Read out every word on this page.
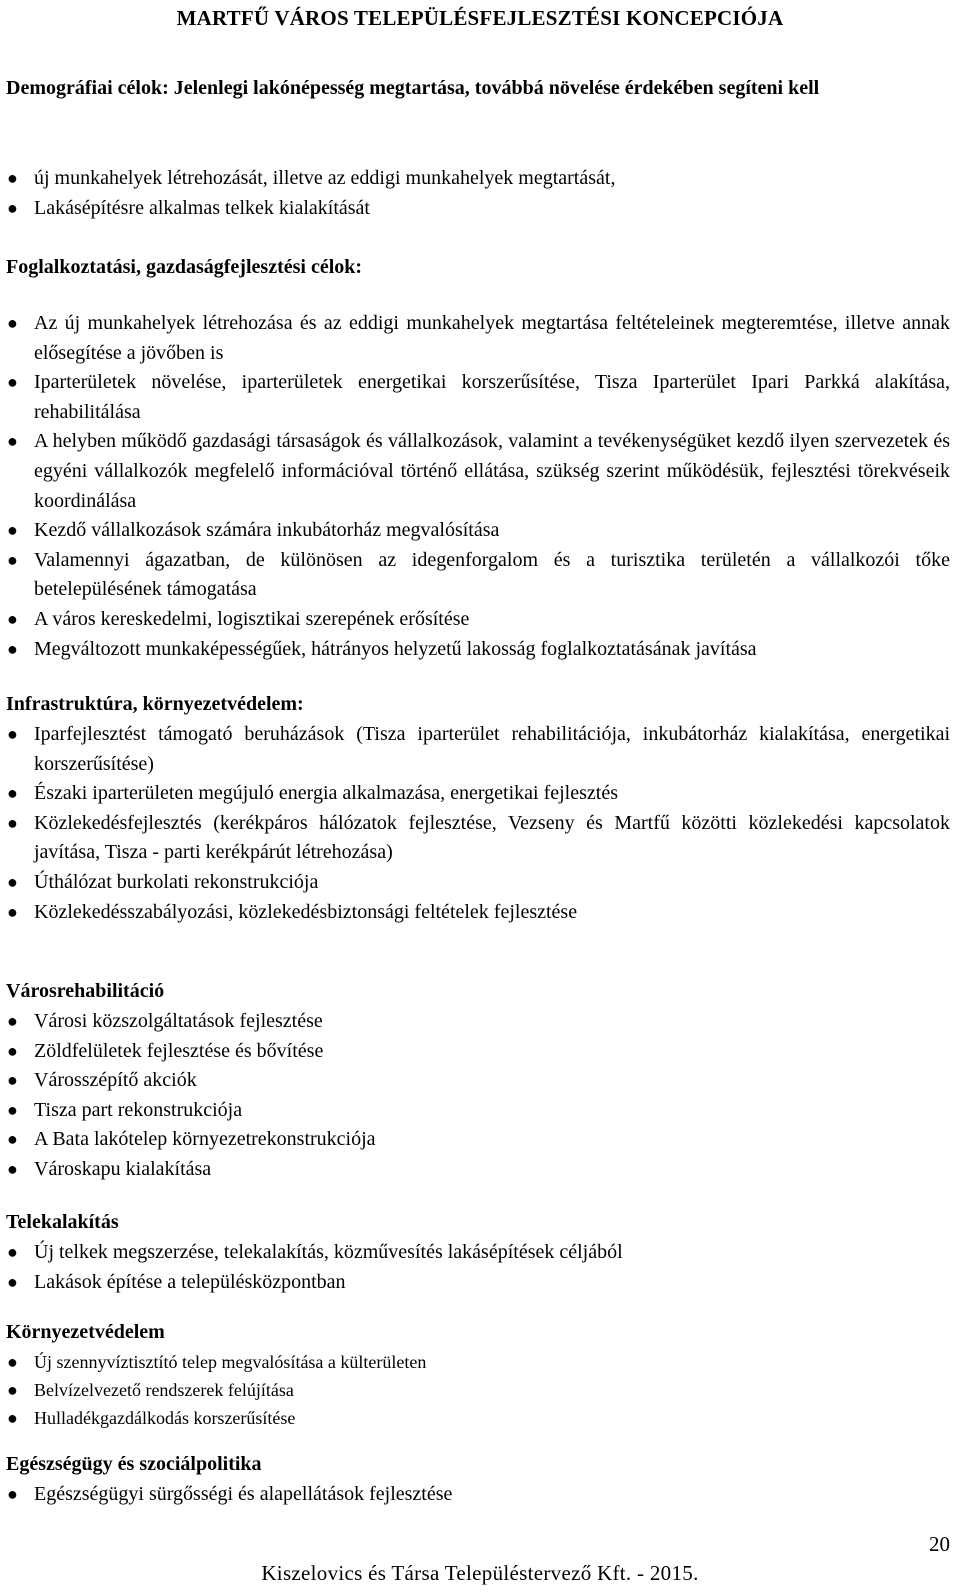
MARTFŰ VÁROS TELEPÜLÉSFEJLESZTÉSI KONCEPCIÓJA
Demográfiai célok: Jelenlegi lakónépesség megtartása, továbbá növelése érdekében segíteni kell
● új munkahelyek létrehozását, illetve az eddigi munkahelyek megtartását,
● Lakásépítésre alkalmas telkek kialakítását
Foglalkoztatási, gazdaságfejlesztési célok:
● Az új munkahelyek létrehozása és az eddigi munkahelyek megtartása feltételeinek megteremtése, illetve annak elősegítése a jövőben is
● Iparterületek növelése, iparterületek energetikai korszerűsítése, Tisza Iparterület Ipari Parkká alakítása, rehabilitálása
● A helyben működő gazdasági társaságok és vállalkozások, valamint a tevékenységüket kezdő ilyen szervezetek és egyéni vállalkozók megfelelő információval történő ellátása, szükség szerint működésük, fejlesztési törekvéseik koordinálása
● Kezdő vállalkozások számára inkubátorház megvalósítása
● Valamennyi ágazatban, de különösen az idegenforgalom és a turisztika területén a vállalkozói tőke betelepülésének támogatása
● A város kereskedelmi, logisztikai szerepének erősítése
● Megváltozott munkaképességűek, hátrányos helyzetű lakosság foglalkoztatásának javítása
Infrastruktúra, környezetvédelem:
● Iparfejlesztést támogató beruházások (Tisza iparterület rehabilitációja, inkubátorház kialakítása, energetikai korszerűsítése)
● Északi iparterületen megújuló energia alkalmazása, energetikai fejlesztés
● Közlekedésfejlesztés (kerékpáros hálózatok fejlesztése, Vezseny és Martfű közötti közlekedési kapcsolatok javítása, Tisza - parti kerékpárút létrehozása)
● Úthálózat burkolati rekonstrukciója
● Közlekedésszabályozási, közlekedésbiztonsági feltételek fejlesztése
Városrehabilitáció
● Városi közszolgáltatások fejlesztése
● Zöldfelületek fejlesztése és bővítése
● Városszépítő akciók
● Tisza part rekonstrukciója
● A Bata lakótelep környezetrekonstrukciója
● Városkapu kialakítása
Telekalakítás
● Új telkek megszerzése, telekalakítás, közművesítés lakásépítések céljából
● Lakások építése a településközpontban
Környezetvédelem
● Új szennyvíztisztító telep megvalósítása a külterületen
● Belvízelvezető rendszerek felújítása
● Hulladékgazdálkodás korszerűsítése
Egészségügy és szociálpolitika
● Egészségügyi sürgősségi és alapellátások fejlesztése
20
Kiszelovics és Társa Településtervező Kft. - 2015.
